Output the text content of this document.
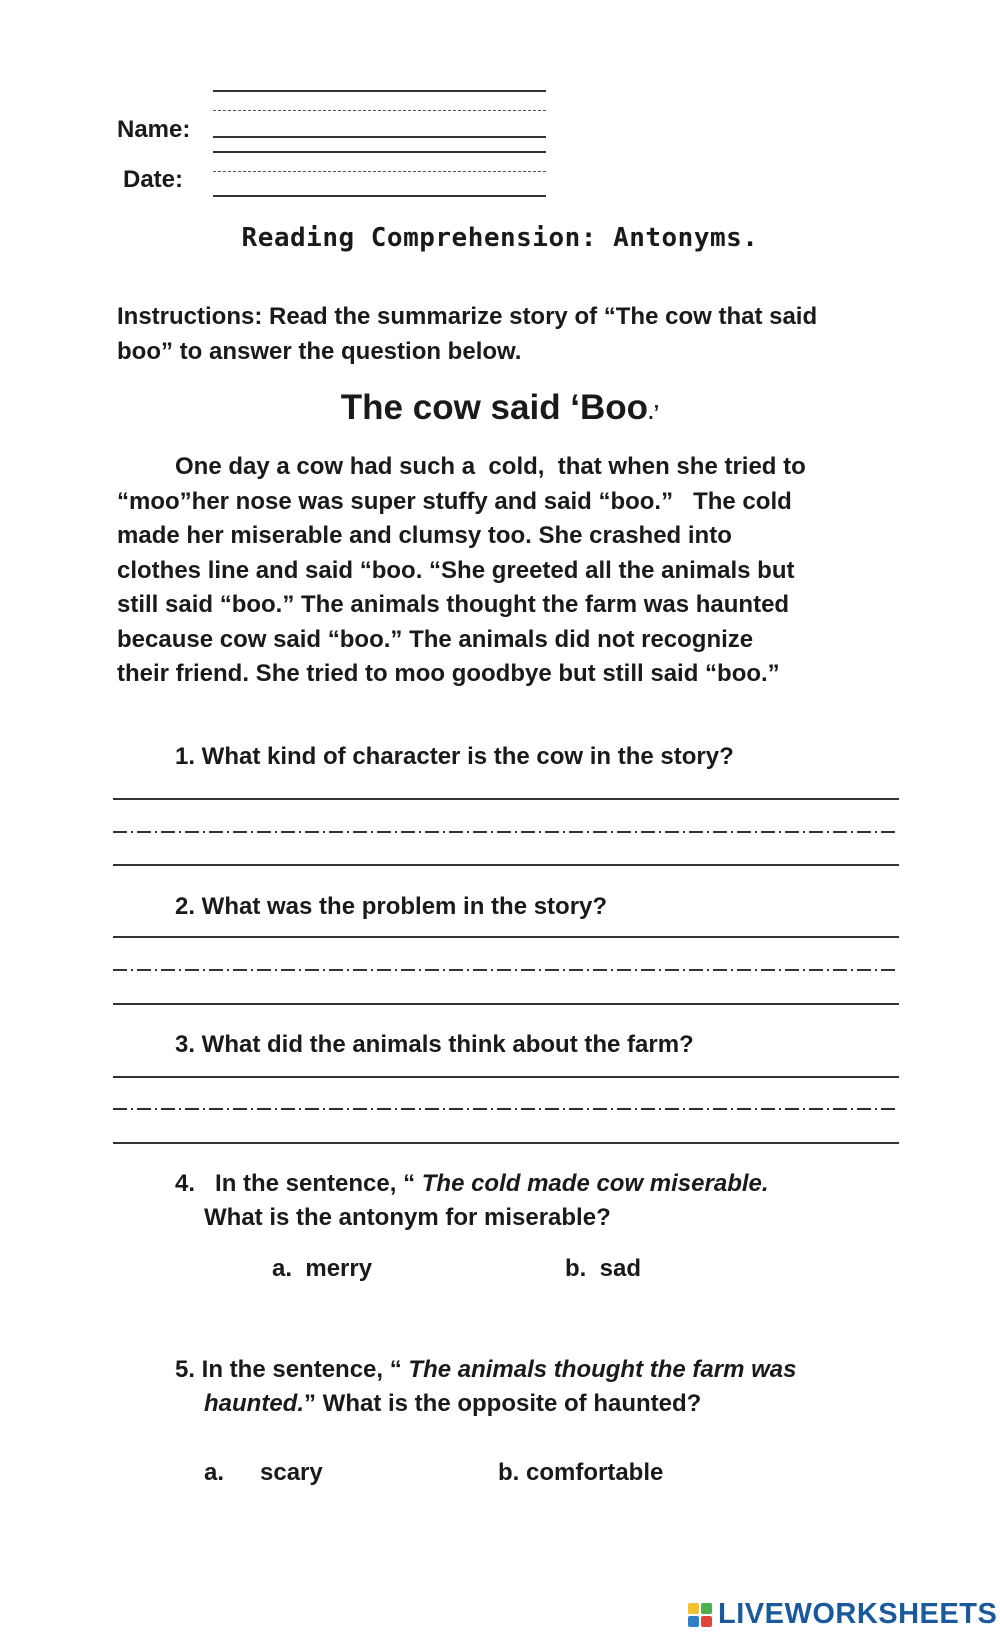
Name:
Date:
Reading Comprehension: Antonyms.
Instructions: Read the summarize story of “The cow that said boo” to answer the question below.
The cow said ‘Boo.’
One day a cow had such a  cold,  that when she tried to
“moo”her nose was super stuffy and said “boo.”   The cold
made her miserable and clumsy too. She crashed into
clothes line and said “boo. “She greeted all the animals but
still said “boo.” The animals thought the farm was haunted
because cow said “boo.” The animals did not recognize
their friend. She tried to moo goodbye but still said “boo.”
1. What kind of character is the cow in the story?
2. What was the problem in the story?
3. What did the animals think about the farm?
4.   In the sentence, “ The cold made cow miserable.
What is the antonym for miserable?
a.  merry	b.  sad
5. In the sentence, “ The animals thought the farm was
haunted.” What is the opposite of haunted?
a. scary	b. comfortable
LIVEWORKSHEETS
